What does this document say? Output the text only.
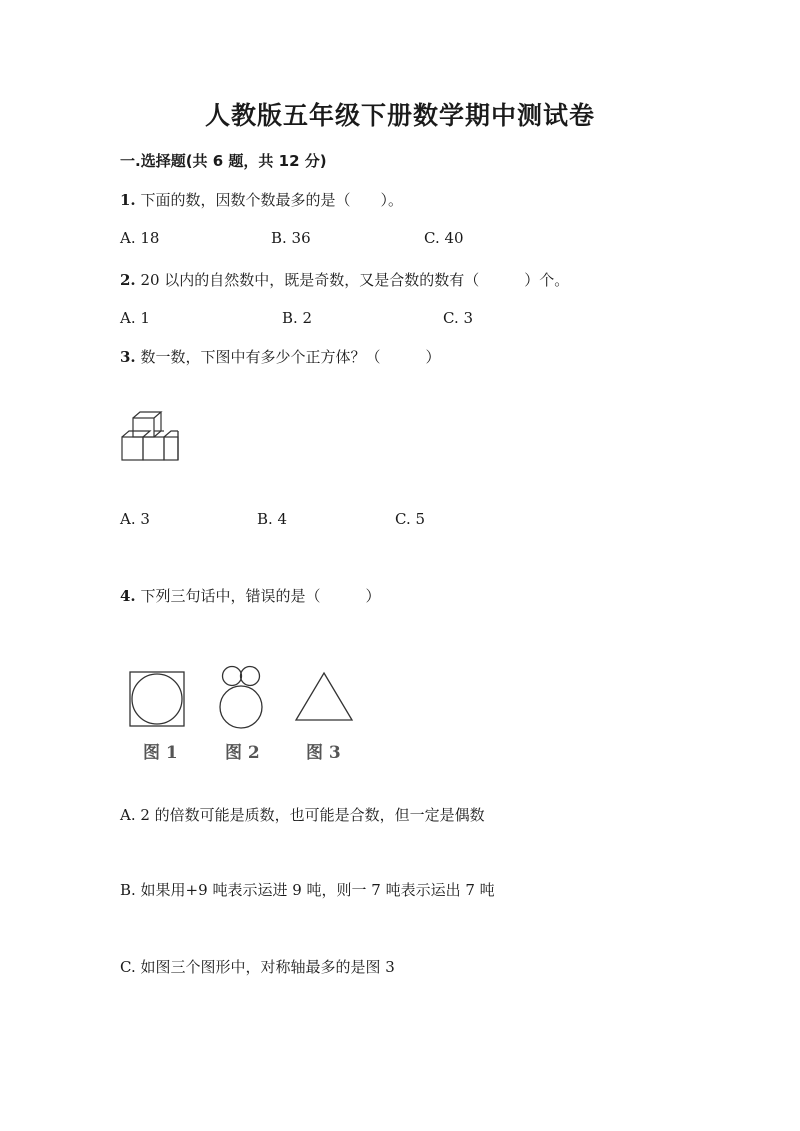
人教版五年级下册数学期中测试卷
一.选择题(共 6 题，共 12 分)
1. 下面的数，因数个数最多的是（　　）。
A. 18	B. 36	C. 40
2. 20 以内的自然数中，既是奇数，又是合数的数有（　　　）个。
A. 1	B. 2	C. 3
3. 数一数，下图中有多少个正方体？（　　　）
A. 3	B. 4	C. 5
4. 下列三句话中，错误的是（　　　）
图 1	图 2	图 3
A. 2 的倍数可能是质数，也可能是合数，但一定是偶数
B. 如果用+9 吨表示运进 9 吨，则一 7 吨表示运出 7 吨
C. 如图三个图形中，对称轴最多的是图 3
